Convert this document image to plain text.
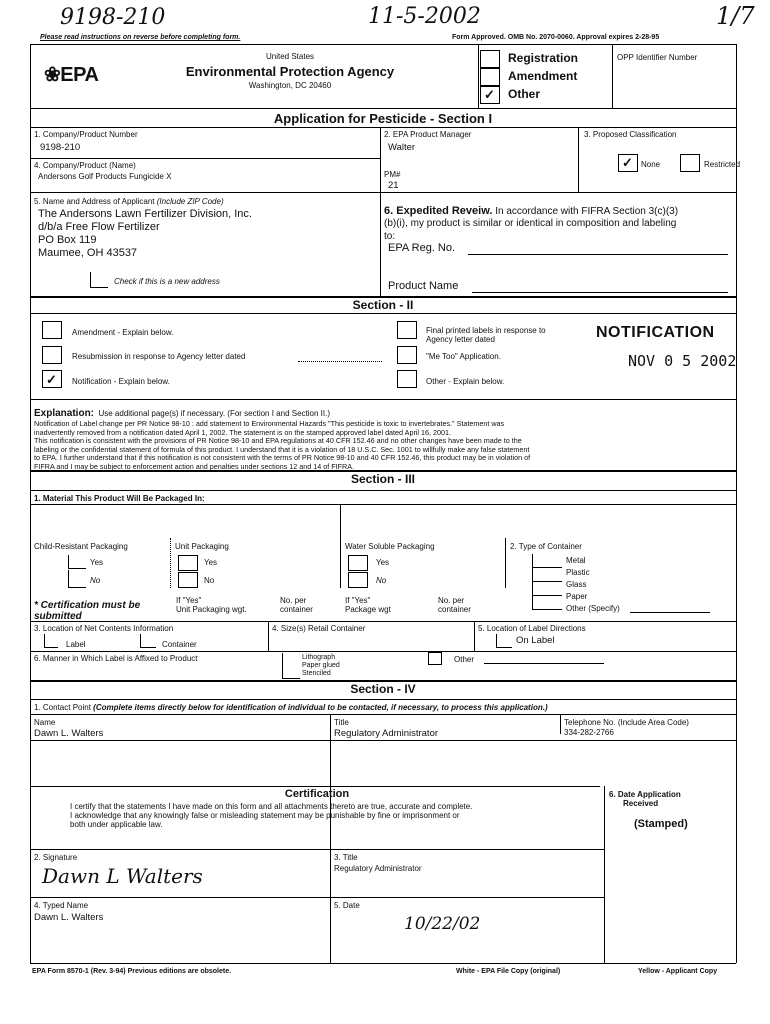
9198-210	11-5-2002	1/7
Please read instructions on reverse before completing form.	Form Approved. OMB No. 2070-0060. Approval expires 2-28-95
❀EPA
United States
Environmental Protection Agency
Washington, DC 20460
✓
Registration
Amendment
Other
OPP Identifier Number
Application for Pesticide - Section I
1. Company/Product Number
9198-210
2. EPA Product Manager
Walter
3. Proposed Classification
✓ None	Restricted
4. Company/Product (Name)
Andersons Golf Products Fungicide X	PM#
21
5. Name and Address of Applicant (Include ZIP Code)
The Andersons Lawn Fertilizer Division, Inc.
d/b/a Free Flow Fertilizer
PO Box 119
Maumee, OH 43537
Check if this is a new address
6. Expedited Reveiw. In accordance with FIFRA Section 3(c)(3)
(b)(i), my product is similar or identical in composition and labeling
to:
EPA Reg. No.
Product Name
Section - II
Amendment - Explain below.
Resubmission in response to Agency letter dated
✓ Notification - Explain below.
Final printed labels in response to
Agency letter dated
"Me Too" Application.
Other - Explain below.
NOTIFICATION
NOV 0 5 2002
Explanation: Use additional page(s) if necessary. (For section I and Section II.)
Notification of Label change per PR Notice 98-10 : add statement to Environmental Hazards "This pesticide is toxic to invertebrates." Statement was
inadvertently removed from a notification dated April 1, 2002. The statement is on the stamped approved label dated April 16, 2001.
This notification is consistent with the provisions of PR Notice 98-10 and EPA regulations at 40 CFR 152.46 and no other changes have been made to the
labeling or the confidential statement of formula of this product. I understand that it is a violation of 18 U.S.C. Sec. 1001 to willfully make any false statement
to EPA. I further understand that if this notification is not consistent with the terms of PR Notice 98-10 and 40 CFR 152.46, this product may be in violation of
FIFRA and I may be subject to enforcement action and penalties under sections 12 and 14 of FIFRA.
Section - III
1. Material This Product Will Be Packaged In:
Child-Resistant Packaging
Yes
No
* Certification must be submitted
Unit Packaging
Yes
No
If "Yes"
Unit Packaging wgt.
No. per
container
Water Soluble Packaging
Yes
No
If "Yes"
Package wgt
No. per
container
2. Type of Container
Metal
Plastic
Glass
Paper
Other (Specify)
3. Location of Net Contents Information
Label	Container
4. Size(s) Retail Container	5. Location of Label Directions
On Label
6. Manner in Which Label is Affixed to Product	Lithograph
Paper glued
Stenciled
Other
Section - IV
1. Contact Point (Complete items directly below for identification of individual to be contacted, if necessary, to process this application.)
Name
Dawn L. Walters
Title
Regulatory Administrator
Telephone No. (Include Area Code)
334-282-2766
Certification
I certify that the statements I have made on this form and all attachments thereto are true, accurate and complete.
I acknowledge that any knowingly false or misleading statement may be punishable by fine or imprisonment or
both under applicable law.
6. Date Application
Received
(Stamped)
2. Signature
Dawn L Walters
3. Title
Regulatory Administrator
4. Typed Name
Dawn L. Walters
5. Date
10/22/02
EPA Form 8570-1 (Rev. 3-94) Previous editions are obsolete.	White - EPA File Copy (original)	Yellow - Applicant Copy
